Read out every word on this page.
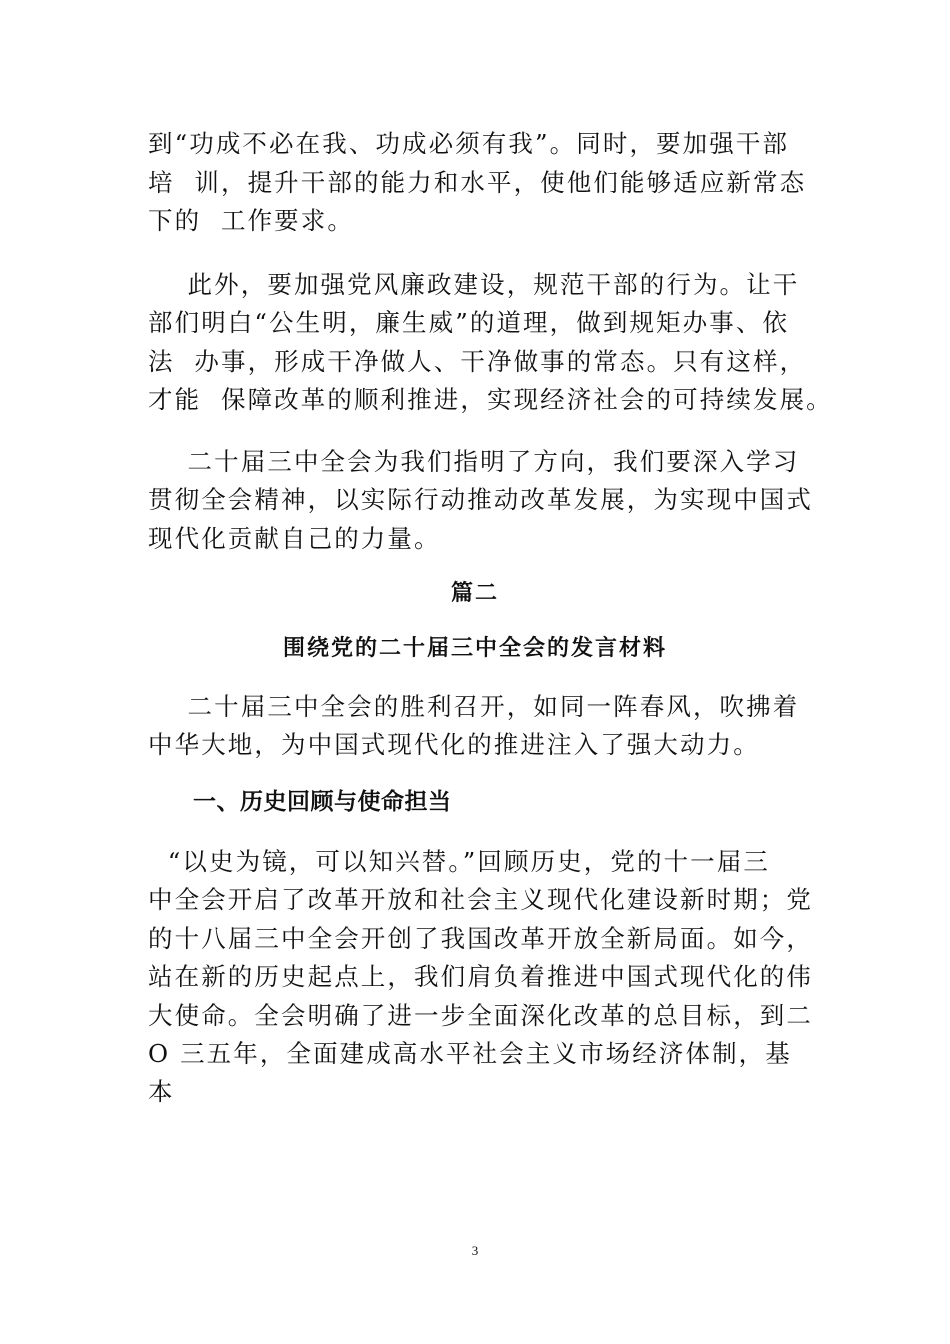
到“功成不必在我、功成必须有我”。同时，要加强干部
培  训，提升干部的能力和水平，使他们能够适应新常态
下的  工作要求。
此外，要加强党风廉政建设，规范干部的行为。让干
部们明白“公生明，廉生威”的道理，做到规矩办事、依
法  办事，形成干净做人、干净做事的常态。只有这样，
才能  保障改革的顺利推进，实现经济社会的可持续发展。
二十届三中全会为我们指明了方向，我们要深入学习
贯彻全会精神，以实际行动推动改革发展，为实现中国式
现代化贡献自己的力量。
篇二
围绕党的二十届三中全会的发言材料
二十届三中全会的胜利召开，如同一阵春风，吹拂着
中华大地，为中国式现代化的推进注入了强大动力。
一、历史回顾与使命担当
“以史为镜，可以知兴替。”回顾历史，党的十一届三
中全会开启了改革开放和社会主义现代化建设新时期；党
的十八届三中全会开创了我国改革开放全新局面。如今，
站在新的历史起点上，我们肩负着推进中国式现代化的伟
大使命。全会明确了进一步全面深化改革的总目标，到二
O 三五年，全面建成高水平社会主义市场经济体制，基
本
3
